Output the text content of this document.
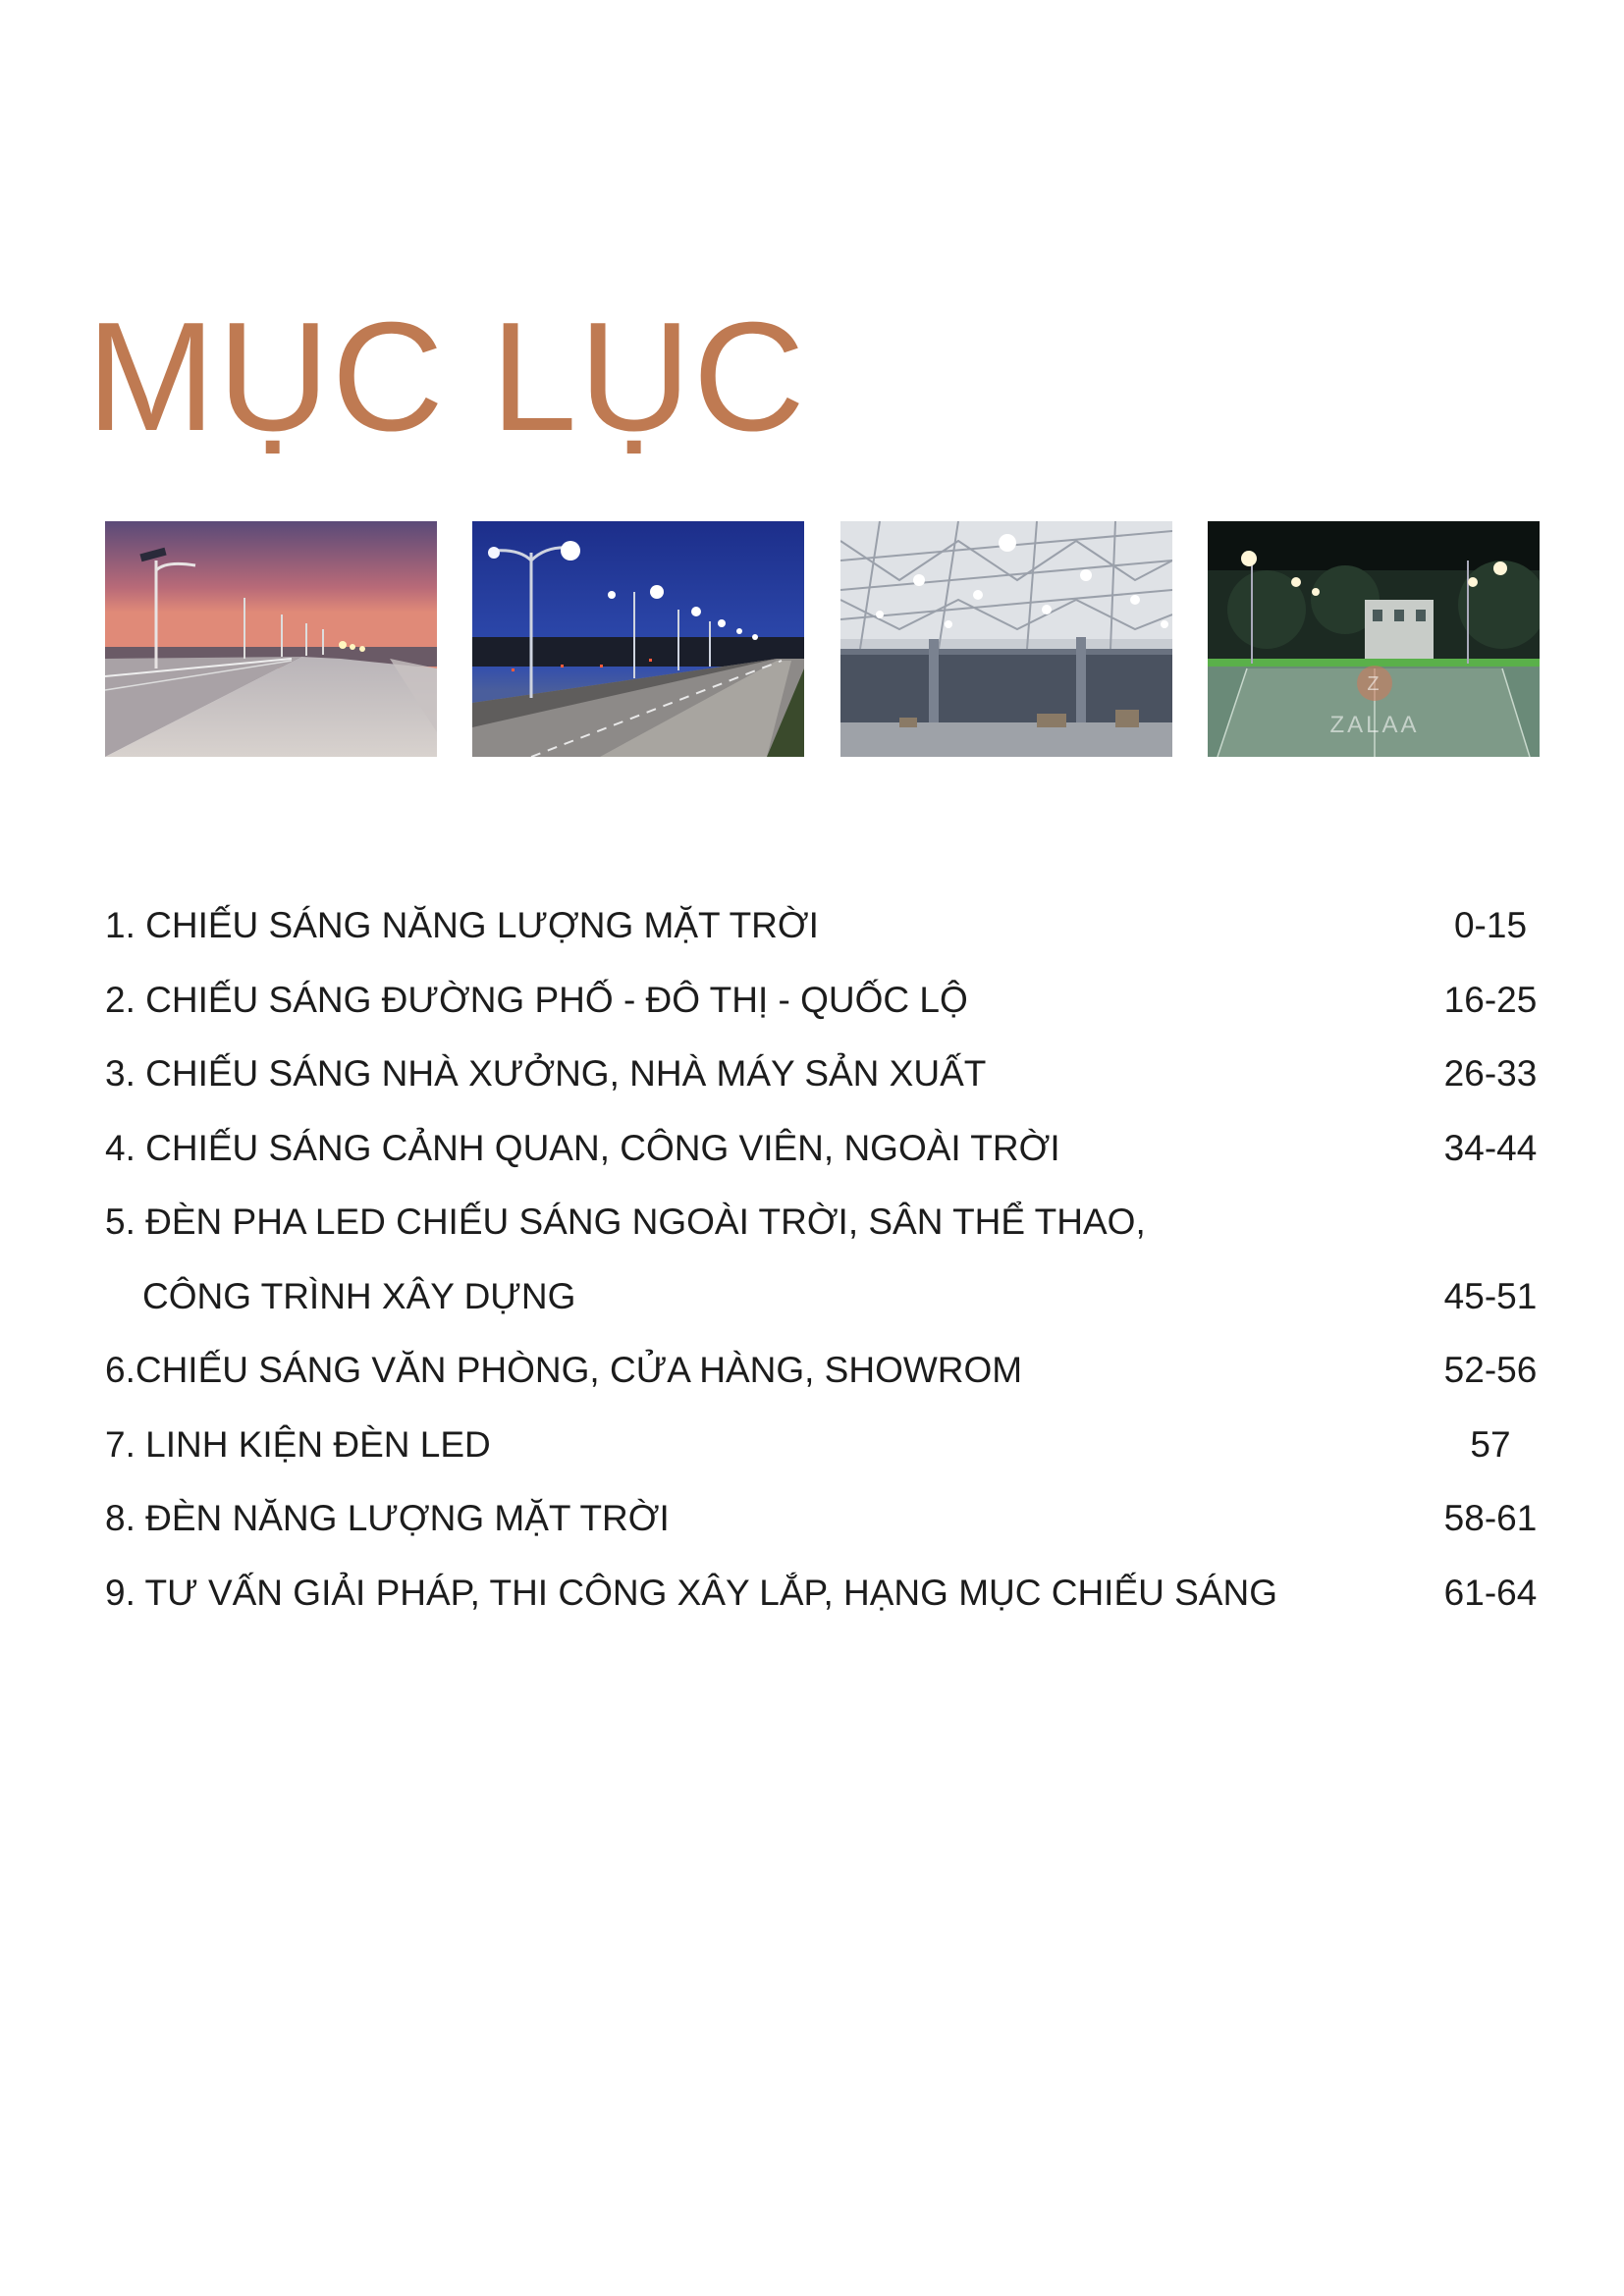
MỤC LỤC
Z
ZALAA
1. CHIẾU SÁNG NĂNG LƯỢNG MẶT TRỜI	0-15
2. CHIẾU SÁNG ĐƯỜNG PHỐ - ĐÔ THỊ - QUỐC LỘ	16-25
3. CHIẾU SÁNG NHÀ XƯỞNG, NHÀ MÁY SẢN XUẤT	26-33
4. CHIẾU SÁNG CẢNH QUAN, CÔNG VIÊN, NGOÀI TRỜI	34-44
5. ĐÈN PHA LED CHIẾU SÁNG NGOÀI TRỜI, SÂN THỂ THAO,
CÔNG TRÌNH XÂY DỰNG	45-51
6.CHIẾU SÁNG VĂN PHÒNG, CỬA HÀNG, SHOWROM	52-56
7. LINH KIỆN ĐÈN LED	57
8. ĐÈN NĂNG LƯỢNG MẶT TRỜI	58-61
9. TƯ VẤN GIẢI PHÁP, THI CÔNG XÂY LẮP, HẠNG MỤC CHIẾU SÁNG	61-64
